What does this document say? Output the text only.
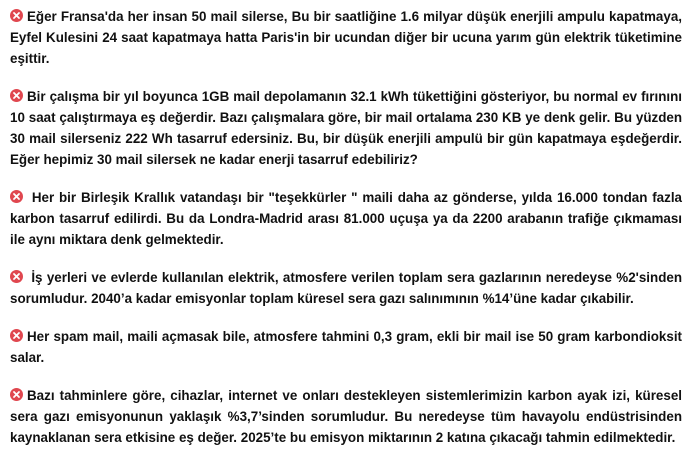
Eğer Fransa'da her insan 50 mail silerse, Bu bir saatliğine 1.6 milyar düşük enerjili ampulu kapatmaya, Eyfel Kulesini 24 saat kapatmaya hatta Paris'in bir ucundan diğer bir ucuna yarım gün elektrik tüketimine eşittir.

Bir çalışma bir yıl boyunca 1GB mail depolamanın 32.1 kWh tükettiğini gösteriyor, bu normal ev fırınını 10 saat çalıştırmaya eş değerdir. Bazı çalışmalara göre, bir mail ortalama 230 KB ye denk gelir. Bu yüzden 30 mail silerseniz 222 Wh tasarruf edersiniz. Bu, bir düşük enerjili ampulü bir gün kapatmaya eşdeğerdir. Eğer hepimiz 30 mail silersek ne kadar enerji tasarruf edebiliriz?

Her bir Birleşik Krallık vatandaşı bir "teşekkürler " maili daha az gönderse, yılda 16.000 tondan fazla karbon tasarruf edilirdi. Bu da Londra-Madrid arası 81.000 uçuşa ya da 2200 arabanın trafiğe çıkmaması ile aynı miktara denk gelmektedir.

İş yerleri ve evlerde kullanılan elektrik, atmosfere verilen toplam sera gazlarının neredeyse %2'sinden sorumludur. 2040’a kadar emisyonlar toplam küresel sera gazı salınımının %14’üne kadar çıkabilir.

Her spam mail, maili açmasak bile, atmosfere tahmini 0,3 gram, ekli bir mail ise 50 gram karbondioksit salar.

Bazı tahminlere göre, cihazlar, internet ve onları destekleyen sistemlerimizin karbon ayak izi, küresel sera gazı emisyonunun yaklaşık %3,7’sinden sorumludur. Bu neredeyse tüm havayolu endüstrisinden kaynaklanan sera etkisine eş değer. 2025’te bu emisyon miktarının 2 katına çıkacağı tahmin edilmektedir.
